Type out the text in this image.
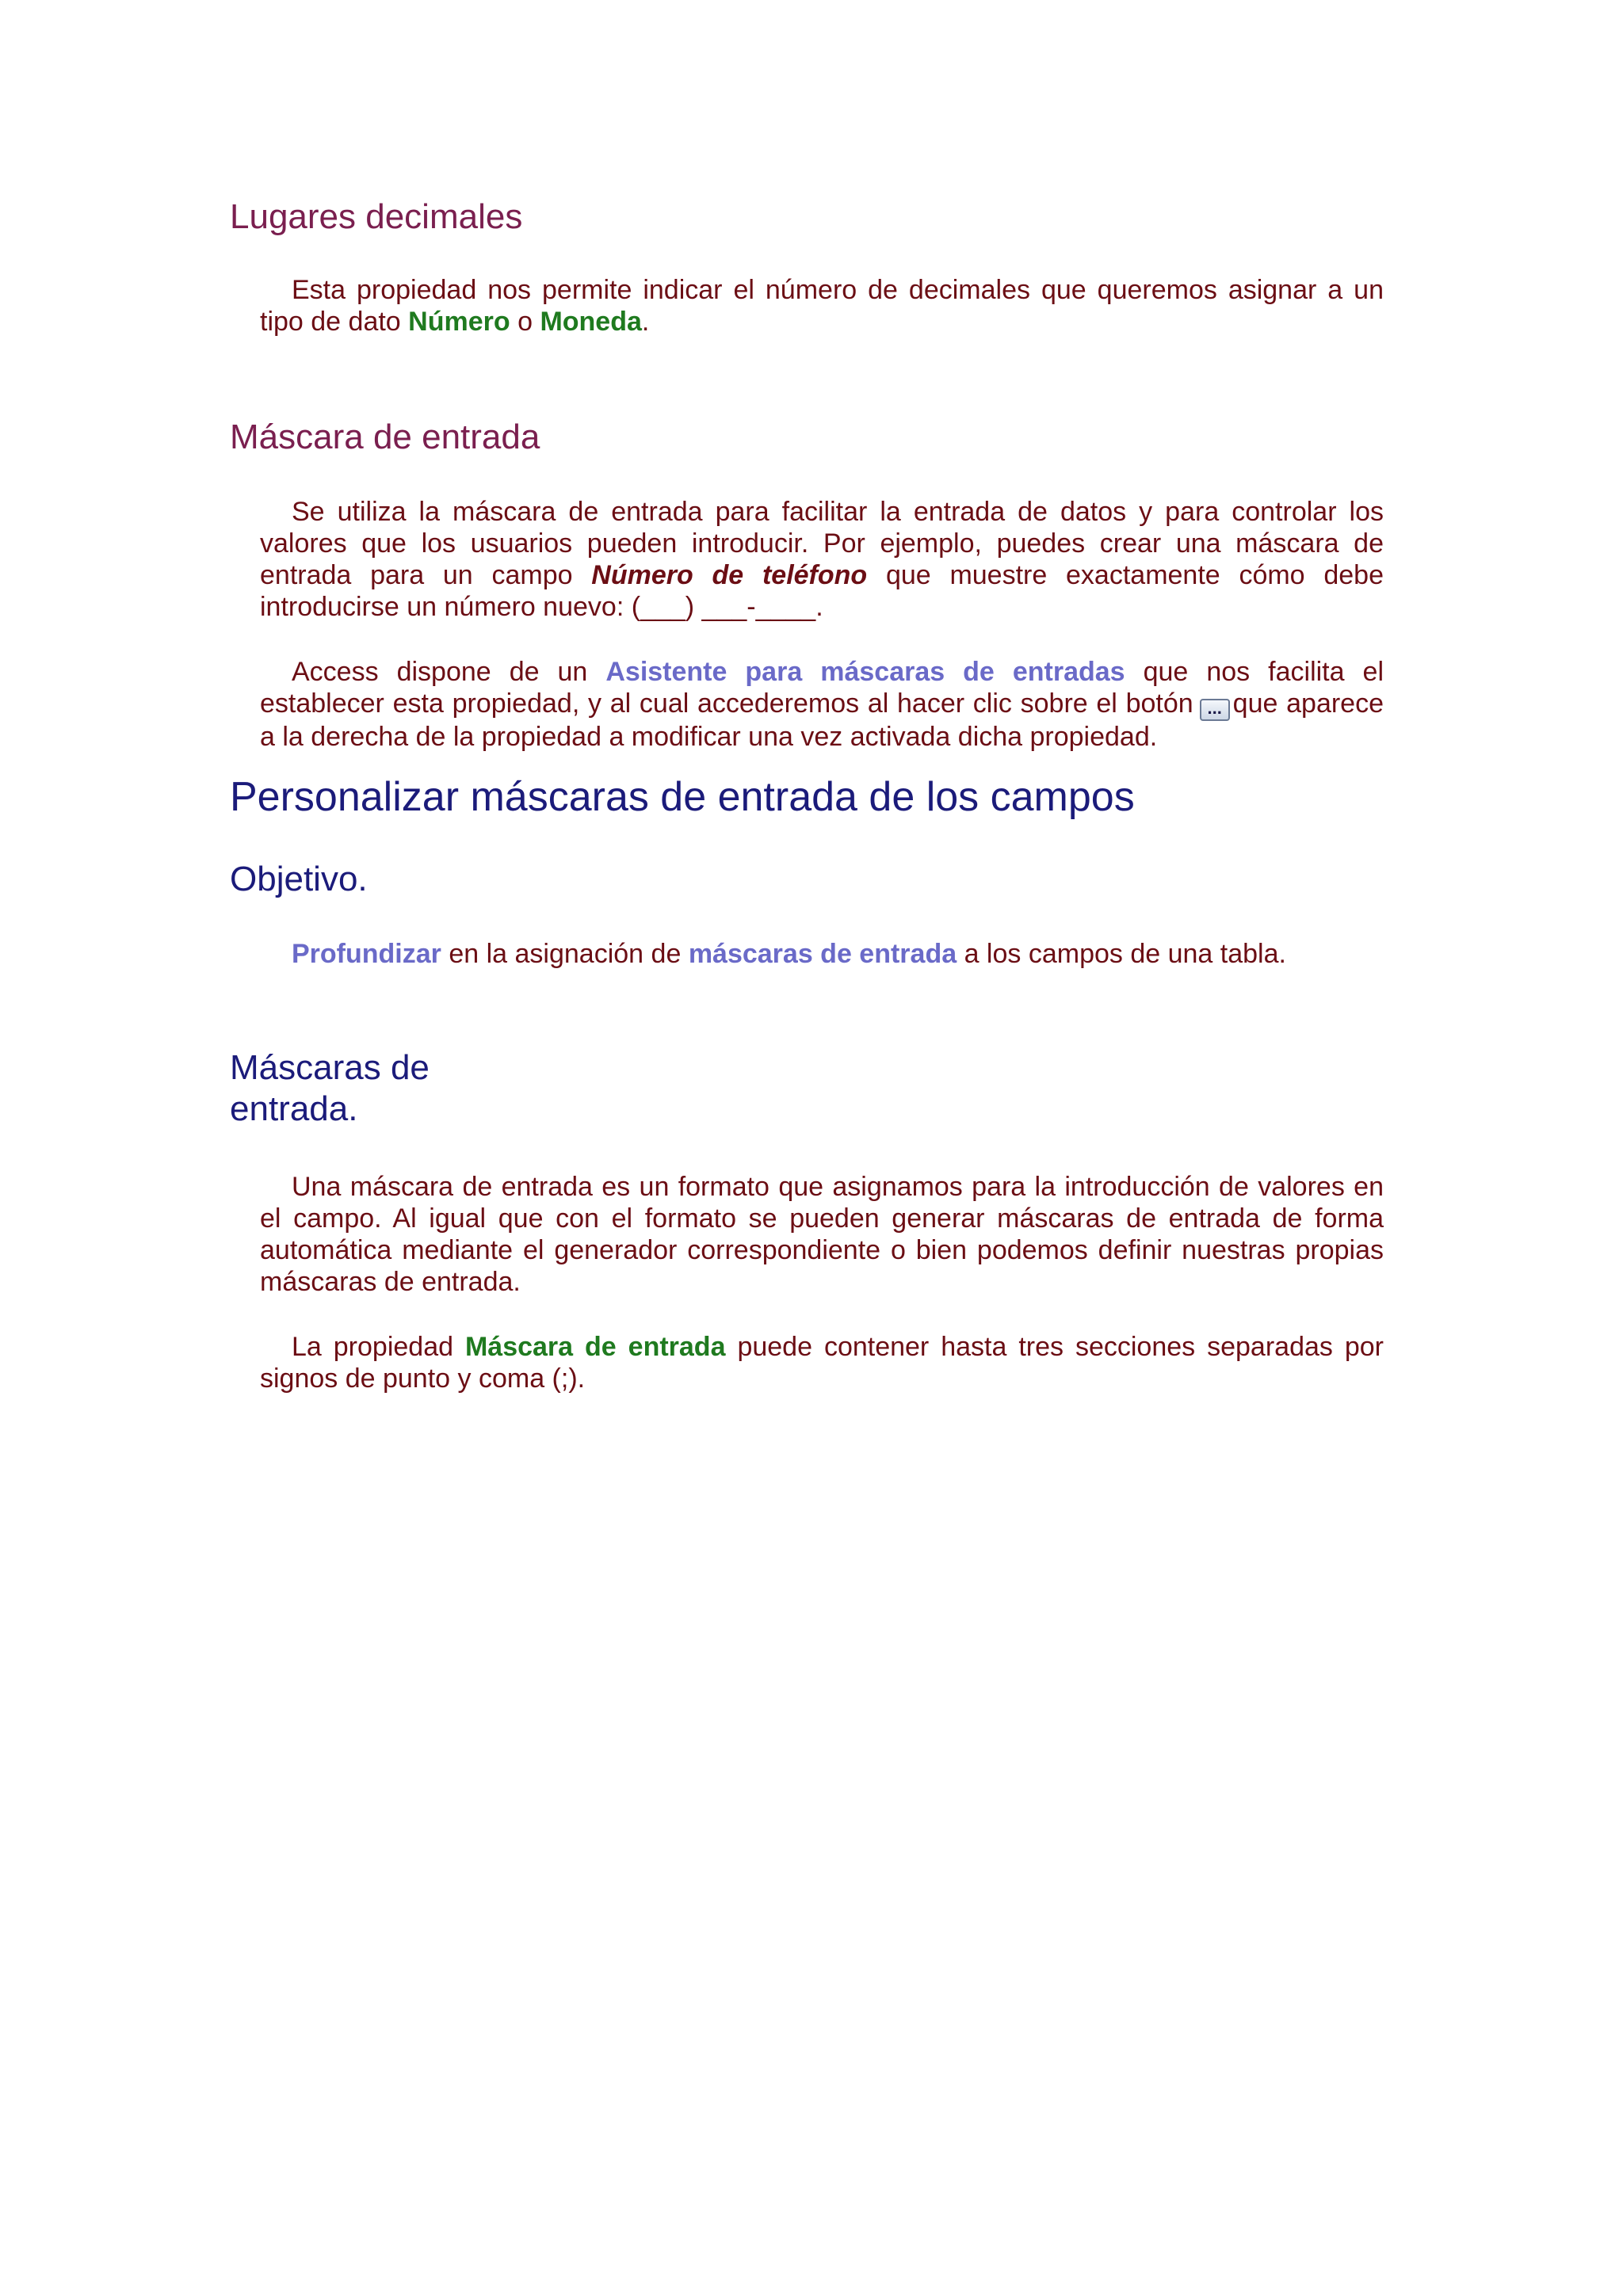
Lugares decimales

Esta propiedad nos permite indicar el número de decimales que queremos asignar a un tipo de dato Número o Moneda.

Máscara de entrada

Se utiliza la máscara de entrada para facilitar la entrada de datos y para controlar los valores que los usuarios pueden introducir. Por ejemplo, puedes crear una máscara de entrada para un campo Número de teléfono que muestre exactamente cómo debe introducirse un número nuevo: (___) ___-____.

Access dispone de un Asistente para máscaras de entradas que nos facilita el establecer esta propiedad, y al cual accederemos al hacer clic sobre el botón ... que aparece a la derecha de la propiedad a modificar una vez activada dicha propiedad.

Personalizar máscaras de entrada de los campos
Objetivo.

Profundizar en la asignación de máscaras de entrada a los campos de una tabla.

Máscaras de
entrada.

Una máscara de entrada es un formato que asignamos para la introducción de valores en el campo. Al igual que con el formato se pueden generar máscaras de entrada de forma automática mediante el generador correspondiente o bien podemos definir nuestras propias máscaras de entrada.

La propiedad Máscara de entrada puede contener hasta tres secciones separadas por signos de punto y coma (;).
